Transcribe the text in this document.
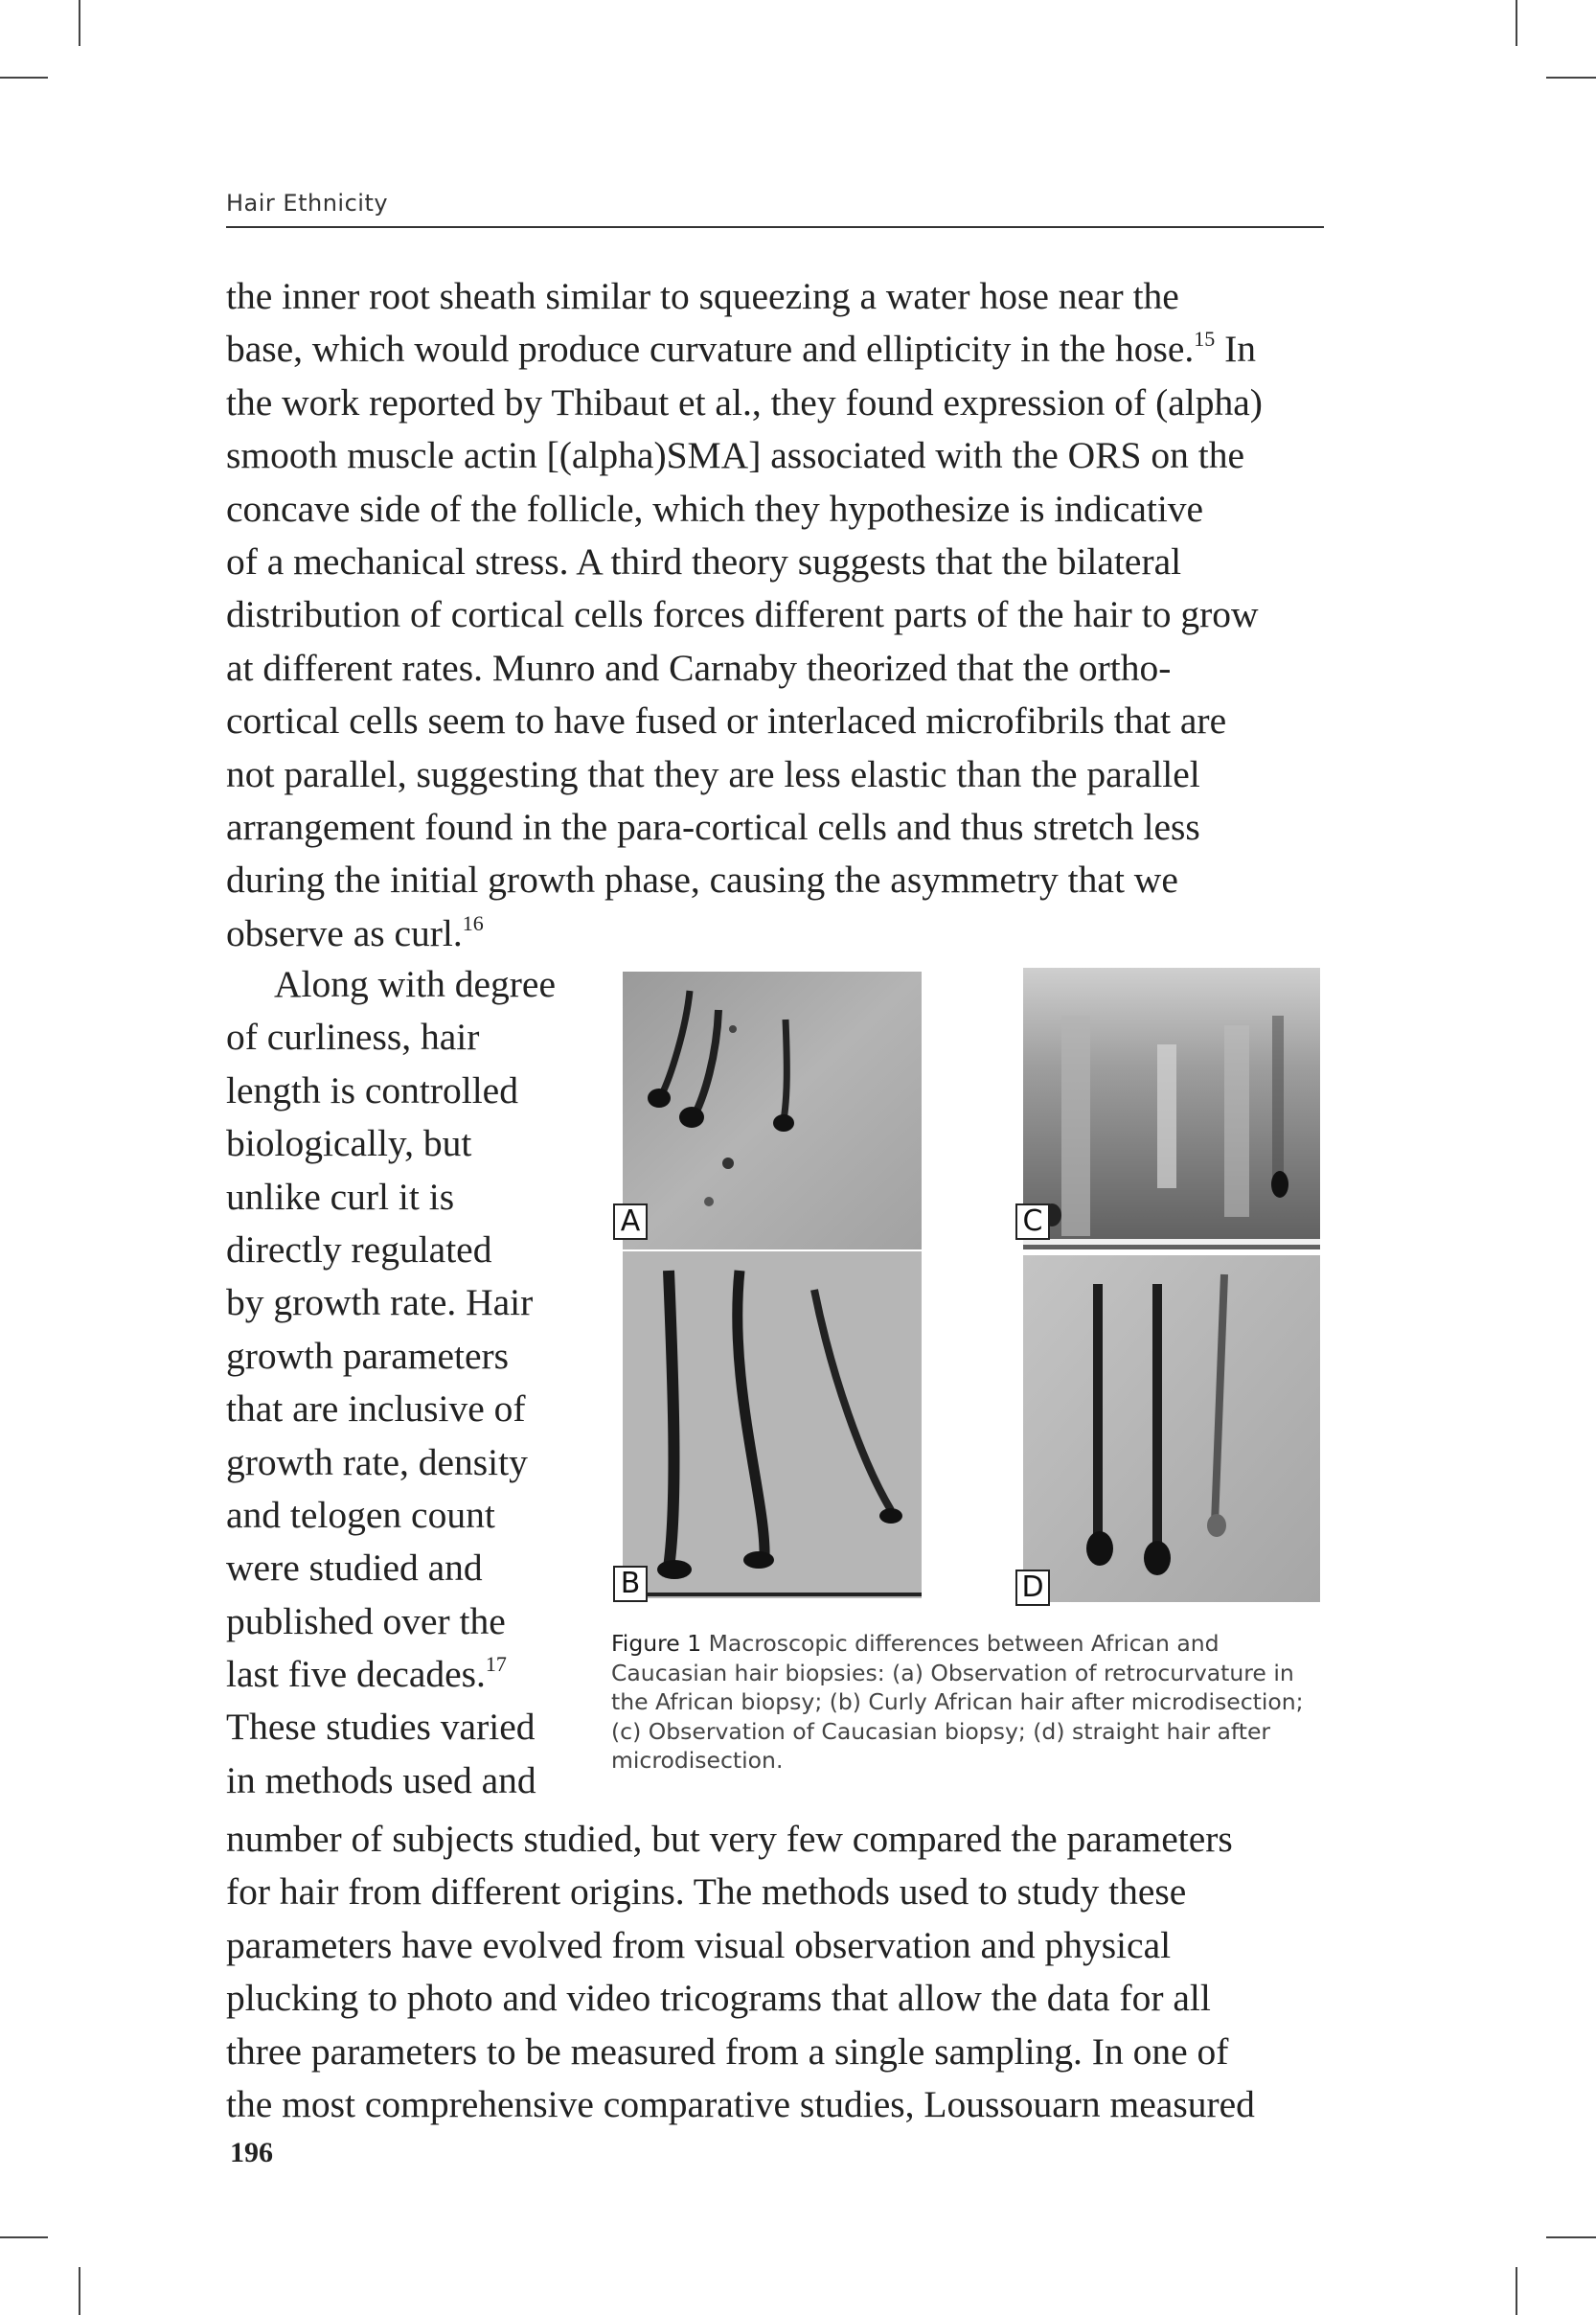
Hair Ethnicity
the inner root sheath similar to squeezing a water hose near the
base, which would produce curvature and ellipticity in the hose.$^{15}$ In
the work reported by Thibaut et al., they found expression of (alpha)
smooth muscle actin [(alpha)SMA] associated with the ORS on the
concave side of the follicle, which they hypothesize is indicative
of a mechanical stress. A third theory suggests that the bilateral
distribution of cortical cells forces different parts of the hair to grow
at different rates. Munro and Carnaby theorized that the ortho-
cortical cells seem to have fused or interlaced microfibrils that are
not parallel, suggesting that they are less elastic than the parallel
arrangement found in the para-cortical cells and thus stretch less
during the initial growth phase, causing the asymmetry that we
observe as curl.$^{16}$
Along with degree
of curliness, hair
length is controlled
biologically, but
unlike curl it is
directly regulated
by growth rate. Hair
growth parameters
that are inclusive of
growth rate, density
and telogen count
were studied and
published over the
last five decades.$^{17}$
These studies varied
in methods used and
A
B
C
D
Figure 1 Macroscopic differences between African and
Caucasian hair biopsies: (a) Observation of retrocurvature in
the African biopsy; (b) Curly African hair after microdisection;
(c) Observation of Caucasian biopsy; (d) straight hair after
microdisection.
number of subjects studied, but very few compared the parameters
for hair from different origins. The methods used to study these
parameters have evolved from visual observation and physical
plucking to photo and video tricograms that allow the data for all
three parameters to be measured from a single sampling. In one of
the most comprehensive comparative studies, Loussouarn measured
196
